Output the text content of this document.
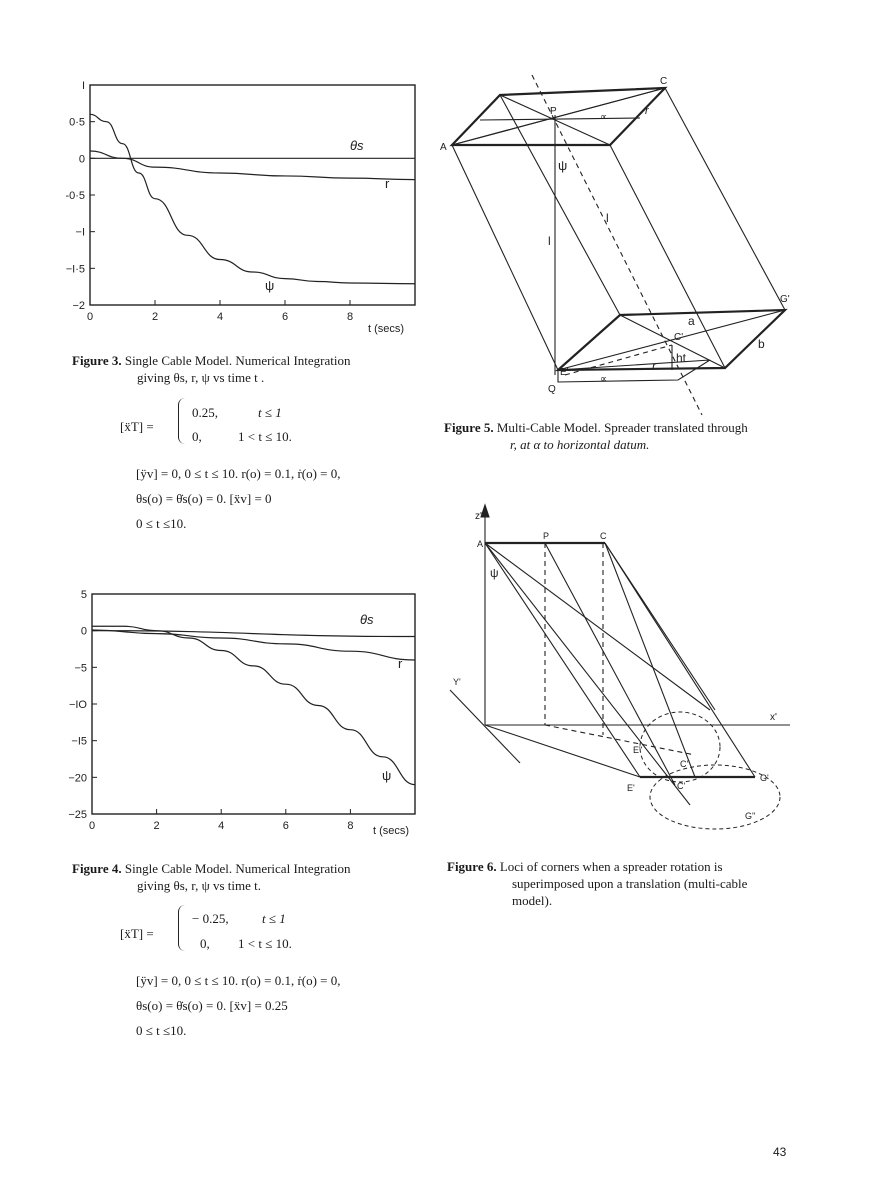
I
0·5
0
-0·5
−I
−I·5
−2
0	2	4	6	8
θs
r
ψ
t (secs)
Figure 3. Single Cable Model. Numerical Integration
giving θs, r, ψ vs time t .
[ẍT] =
0.25,	t ≤ 1
0,	1 < t ≤ 10.
[ÿv] = 0, 0 ≤ t ≤ 10. r(o) = 0.1, ṙ(o) = 0,
θs(o) = θ̇s(o) = 0. [ẍv] = 0
0 ≤ t ≤10.
5
0
−5
−IO
−I5
−20
−25
0	2	4	6	8
θs
r
ψ
t (secs)
Figure 4. Single Cable Model. Numerical Integration
giving θs, r, ψ vs time t.
[ẍT] =
− 0.25,	t ≤ 1
0, 1 < t ≤ 10.
[ÿv] = 0, 0 ≤ t ≤ 10. r(o) = 0.1, ṙ(o) = 0,
θs(o) = θ̇s(o) = 0. [ẍv] = 0.25
0 ≤ t ≤10.
A
P
C
r
∝
ψ
l
l
a
b
G'
C'
ht
r
E'
∝
Q
Figure 5. Multi-Cable Model. Spreader translated through
r, at α to horizontal datum.
z'
A
P	C
ψ
Y'
x'
E'
E''
C'
C''
G'
G''
Figure 6. Loci of corners when a spreader rotation is
superimposed upon a translation (multi-cable
model).
43
